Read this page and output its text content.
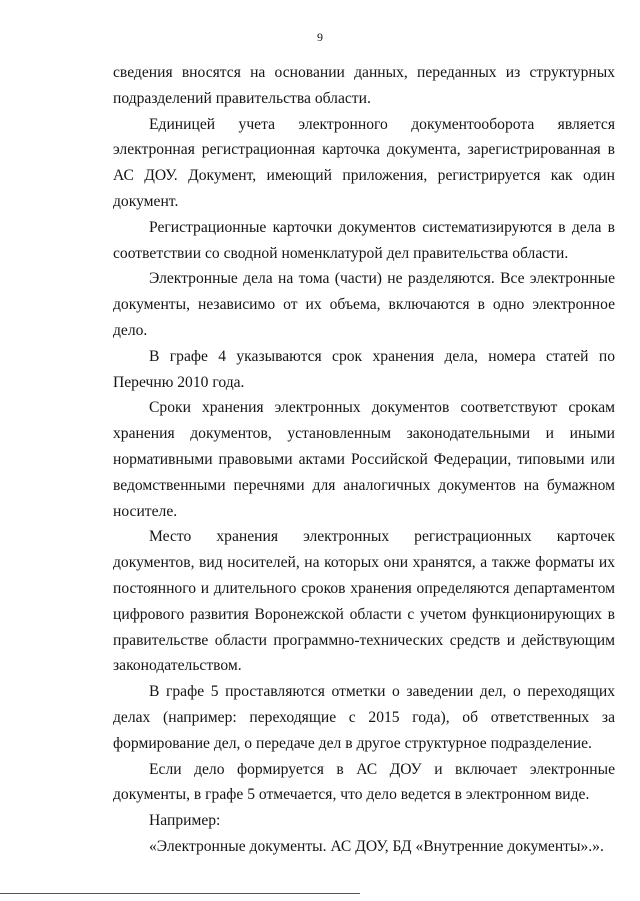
9

сведения вносятся на основании данных, переданных из структурных подразделений правительства области.

Единицей учета электронного документооборота является электронная регистрационная карточка документа, зарегистрированная в АС ДОУ. Документ, имеющий приложения, регистрируется как один документ.

Регистрационные карточки документов систематизируются в дела в соответствии со сводной номенклатурой дел правительства области.

Электронные дела на тома (части) не разделяются. Все электронные документы, независимо от их объема, включаются в одно электронное дело.

В графе 4 указываются срок хранения дела, номера статей по Перечню 2010 года.

Сроки хранения электронных документов соответствуют срокам хранения документов, установленным законодательными и иными нормативными правовыми актами Российской Федерации, типовыми или ведомственными перечнями для аналогичных документов на бумажном носителе.

Место хранения электронных регистрационных карточек документов, вид носителей, на которых они хранятся, а также форматы их постоянного и длительного сроков хранения определяются департаментом цифрового развития Воронежской области с учетом функционирующих в правительстве области программно-технических средств и действующим законодательством.

В графе 5 проставляются отметки о заведении дел, о переходящих делах (например: переходящие с 2015 года), об ответственных за формирование дел, о передаче дел в другое структурное подразделение.

Если дело формируется в АС ДОУ и включает электронные документы, в графе 5 отмечается, что дело ведется в электронном виде.

Например:

«Электронные документы. АС ДОУ, БД «Внутренние документы».».
